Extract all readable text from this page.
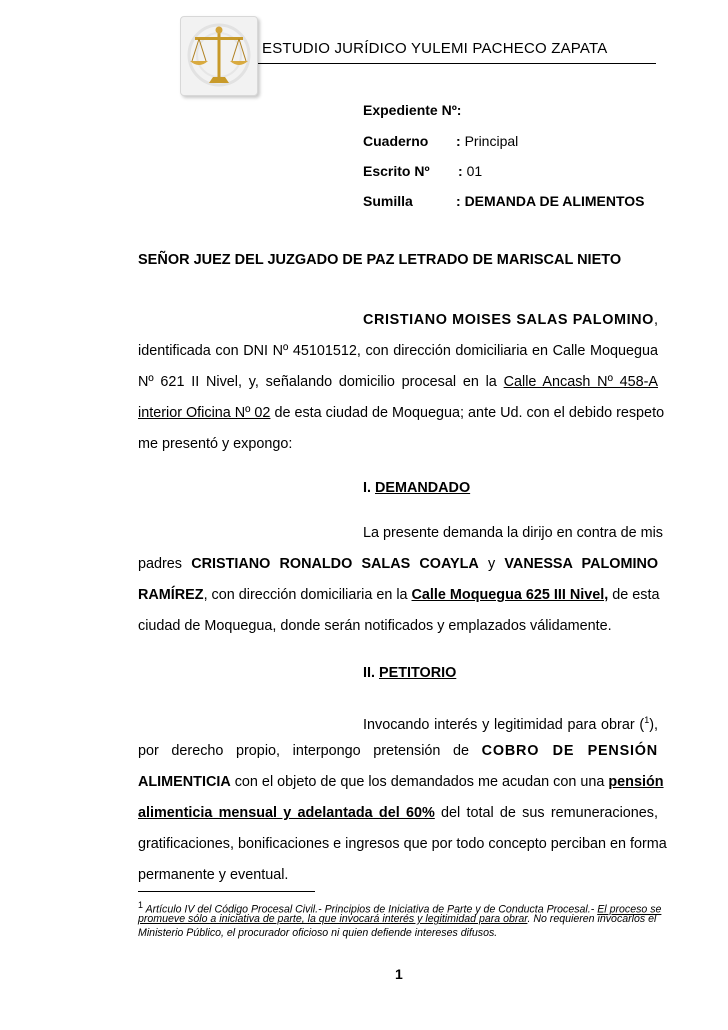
ESTUDIO JURÍDICO YULEMI PACHECO ZAPATA
Expediente Nº:
Cuaderno : Principal
Escrito Nº : 01
Sumilla	: DEMANDA DE ALIMENTOS
SEÑOR JUEZ DEL JUZGADO DE PAZ LETRADO DE MARISCAL NIETO
CRISTIANO MOISES SALAS PALOMINO,
identificada con DNI Nº 45101512, con dirección domiciliaria en Calle Moquegua
Nº 621 II Nivel, y, señalando domicilio procesal en la Calle Ancash Nº 458-A
interior Oficina Nº 02 de esta ciudad de Moquegua; ante Ud. con el debido respeto
me presentó y expongo:
I. DEMANDADO
La presente demanda la dirijo en contra de mis
padres CRISTIANO RONALDO SALAS COAYLA y VANESSA PALOMINO
RAMÍREZ, con dirección domiciliaria en la Calle Moquegua 625 III Nivel, de esta
ciudad de Moquegua, donde serán notificados y emplazados válidamente.
II. PETITORIO
Invocando interés y legitimidad para obrar ($^1$),
por derecho propio, interpongo pretensión de COBRO DE PENSIÓN
ALIMENTICIA con el objeto de que los demandados me acudan con una pensión
alimenticia mensual y adelantada del 60% del total de sus remuneraciones,
gratificaciones, bonificaciones e ingresos que por todo concepto perciban en forma
permanente y eventual.
$^1$ Artículo IV del Código Procesal Civil.- Principios de Iniciativa de Parte y de Conducta Procesal.- El proceso se
promueve sólo a iniciativa de parte, la que invocará interés y legitimidad para obrar. No requieren invocarlos el
Ministerio Público, el procurador oficioso ni quien defiende intereses difusos.
1
